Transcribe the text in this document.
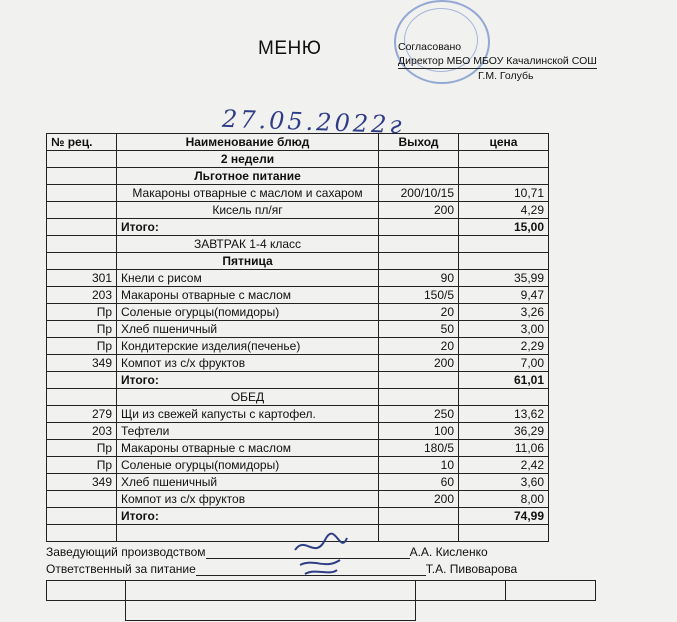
МЕНЮ	Согласовано
Директор МБО МБОУ Качалинской СОШ
Г.М. Голубь
27.05.2022г
№ рец.	Наименование блюд	Выход	цена
	2 недели		
	Льготное питание		
	Макароны отварные с маслом и сахаром	200/10/15	10,71
	Кисель пл/яг	200	4,29
	Итого:		15,00
	ЗАВТРАК 1-4 класс		
	Пятница		
301	Кнели с рисом	90	35,99
203	Макароны отварные с маслом	150/5	9,47
Пр	Соленые огурцы(помидоры)	20	3,26
Пр	Хлеб пшеничный	50	3,00
Пр	Кондитерские изделия(печенье)	20	2,29
349	Компот из с/х фруктов	200	7,00
	Итого:		61,01
	ОБЕД		
279	Щи из свежей капусты с картофел.	250	13,62
203	Тефтели	100	36,29
Пр	Макароны отварные с маслом	180/5	11,06
Пр	Соленые огурцы(помидоры)	10	2,42
349	Хлеб пшеничный	60	3,60
	Компот из с/х фруктов	200	8,00
	Итого:		74,99

Заведующий производством	А.А. Кисленко
Ответственный за питание	Т.А. Пивоварова
